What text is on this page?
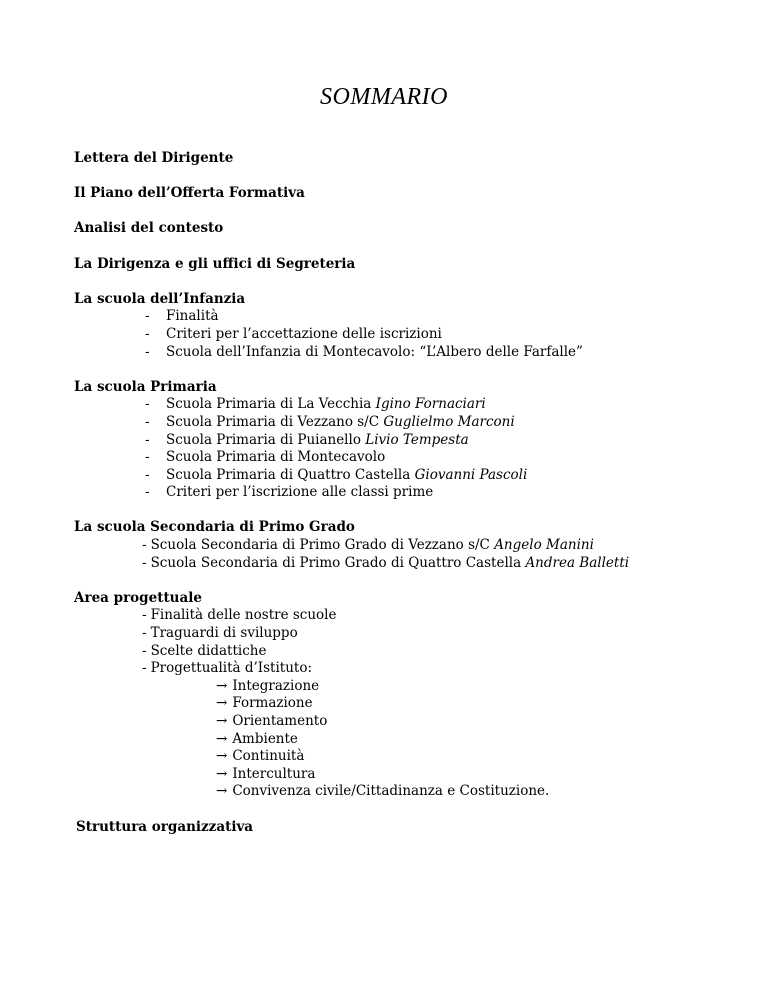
SOMMARIO

Lettera del Dirigente

Il Piano dell’Offerta Formativa

Analisi del contesto

La Dirigenza e gli uffici di Segreteria

La scuola dell’Infanzia

- Finalità
- Criteri per l’accettazione delle iscrizioni
- Scuola dell’Infanzia di Montecavolo: “L’Albero delle Farfalle”

La scuola Primaria

- Scuola Primaria di La Vecchia Igino Fornaciari
- Scuola Primaria di Vezzano s/C Guglielmo Marconi
- Scuola Primaria di Puianello Livio Tempesta
- Scuola Primaria di Montecavolo
- Scuola Primaria di Quattro Castella Giovanni Pascoli
- Criteri per l’iscrizione alle classi prime

La scuola Secondaria di Primo Grado

- Scuola Secondaria di Primo Grado di Vezzano s/C Angelo Manini
- Scuola Secondaria di Primo Grado di Quattro Castella Andrea Balletti

Area progettuale

- Finalità delle nostre scuole
- Traguardi di sviluppo
- Scelte didattiche
- Progettualità d’Istituto:
→ Integrazione
→ Formazione
→ Orientamento
→ Ambiente
→ Continuità
→ Intercultura
→ Convivenza civile/Cittadinanza e Costituzione.

Struttura organizzativa
